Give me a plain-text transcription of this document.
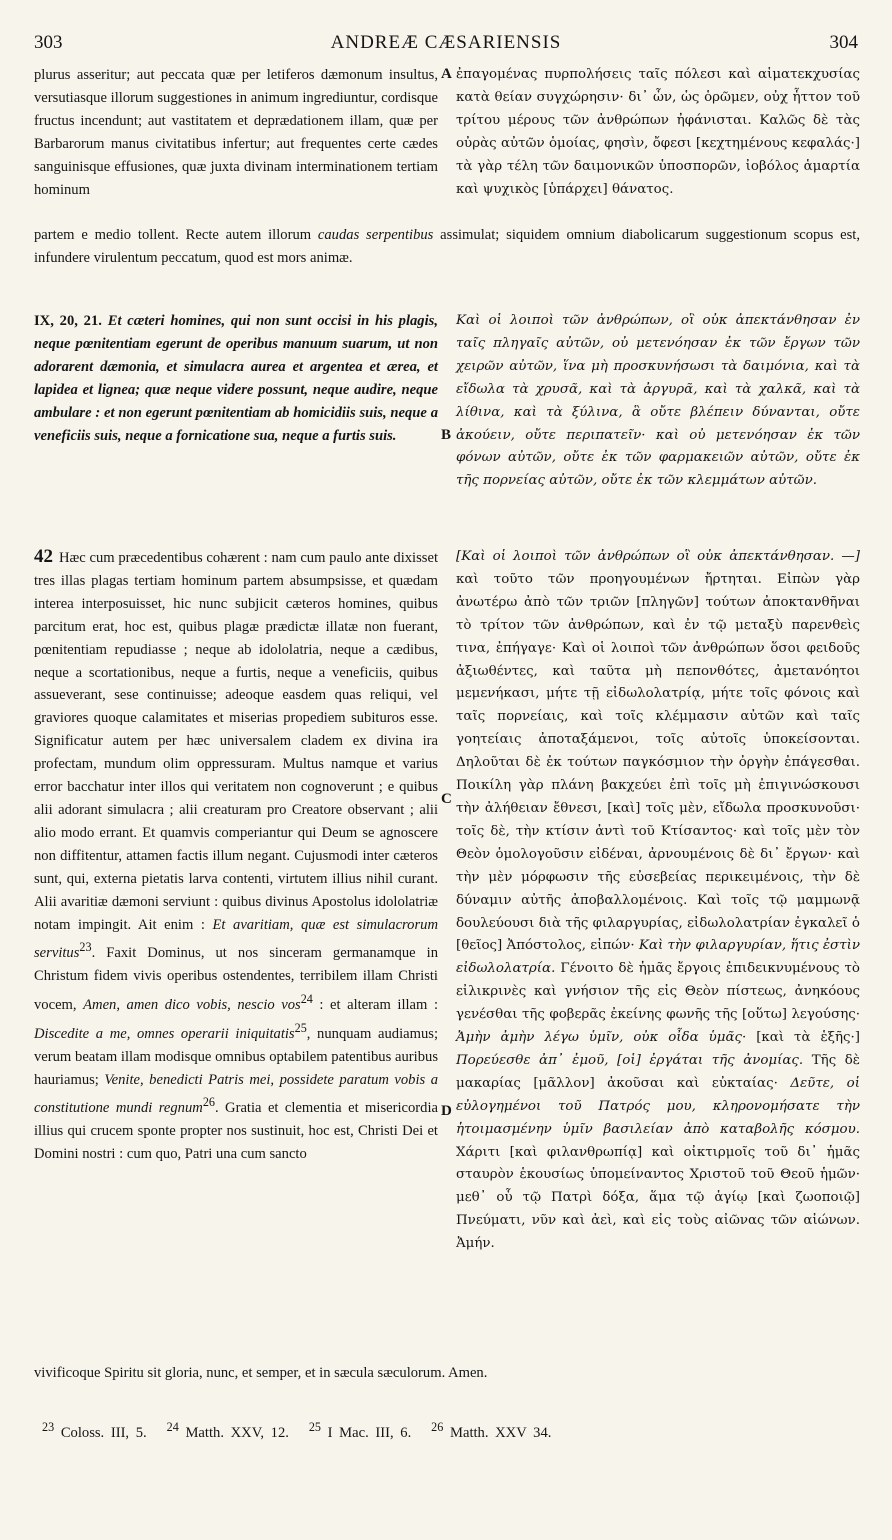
303	ANDREÆ CÆSARIENSIS	304
A
B
C
D

plurus asseritur; aut peccata quæ per letiferos dæmonum insultus, versutiasque illorum suggestiones in animum ingrediuntur, cordisque fructus incendunt; aut vastitatem et deprædationem illam, quæ per Barbarorum manus civitatibus infertur; aut frequentes certe cædes sanguinisque effusiones, quæ juxta divinam interminationem tertiam hominum

ἐπαγομένας πυρπολήσεις ταῖς πόλεσι καὶ αἱματεκχυσίας κατὰ θείαν συγχώρησιν· δι᾽ ὧν, ὡς ὁρῶμεν, οὐχ ἧττον τοῦ τρίτου μέρους τῶν ἀνθρώπων ἠφάνισται. Καλῶς δὲ τὰς οὐρὰς αὐτῶν ὁμοίας, φησὶν, ὄφεσι [κεχτημένους κεφαλάς·] τὰ γὰρ τέλη τῶν δαιμονικῶν ὑποσπορῶν, ἰοβόλος ἁμαρτία καὶ ψυχικὸς [ὑπάρχει] θάνατος.

partem e medio tollent. Recte autem illorum caudas serpentibus assimulat; siquidem omnium diabolicarum suggestionum scopus est, infundere virulentum peccatum, quod est mors animæ.

IX, 20, 21. Et cæteri homines, qui non sunt occisi in his plagis, neque pœnitentiam egerunt de operibus manuum suarum, ut non adorarent dæmonia, et simulacra aurea et argentea et ærea, et lapidea et lignea; quæ neque videre possunt, neque audire, neque ambulare : et non egerunt pœnitentiam ab homicidiis suis, neque a veneficiis suis, neque a fornicatione sua, neque a furtis suis.

Καὶ οἱ λοιποὶ τῶν ἀνθρώπων, οἳ οὐκ ἀπεκτάνθησαν ἐν ταῖς πληγαῖς αὐτῶν, οὐ μετενόησαν ἐκ τῶν ἔργων τῶν χειρῶν αὐτῶν, ἵνα μὴ προσκυνήσωσι τὰ δαιμόνια, καὶ τὰ εἴδωλα τὰ χρυσᾶ, καὶ τὰ ἀργυρᾶ, καὶ τὰ χαλκᾶ, καὶ τὰ λίθινα, καὶ τὰ ξύλινα, ἃ οὔτε βλέπειν δύνανται, οὔτε ἀκούειν, οὔτε περιπατεῖν· καὶ οὐ μετενόησαν ἐκ τῶν φόνων αὐτῶν, οὔτε ἐκ τῶν φαρμακειῶν αὐτῶν, οὔτε ἐκ τῆς πορνείας αὐτῶν, οὔτε ἐκ τῶν κλεμμάτων αὐτῶν.

42 Hæc cum præcedentibus cohærent : nam cum paulo ante dixisset tres illas plagas tertiam hominum partem absumpsisse, et quædam interea interposuisset, hic nunc subjicit cæteros homines, quibus parcitum erat, hoc est, quibus plagæ prædictæ illatæ non fuerant, pœnitentiam repudiasse ; neque ab idololatria, neque a cædibus, neque a scortationibus, neque a furtis, neque a veneficiis, quibus assueverant, sese continuisse; adeoque easdem quas reliqui, vel graviores quoque calamitates et miserias propediem subituros esse. Significatur autem per hæc universalem cladem ex divina ira profectam, mundum olim oppressuram. Multus namque et varius error bacchatur inter illos qui veritatem non cognoverunt ; e quibus alii adorant simulacra ; alii creaturam pro Creatore observant ; alii alio modo errant. Et quamvis comperiantur qui Deum se agnoscere non diffitentur, attamen factis illum negant. Cujusmodi inter cæteros sunt, qui, externa pietatis larva contenti, virtutem illius nihil curant. Alii avaritiæ dæmoni serviunt : quibus divinus Apostolus idololatriæ notam impingit. Ait enim : Et avaritiam, quæ est simulacrorum servitus$^{23}$. Faxit Dominus, ut nos sinceram germanamque in Christum fidem vivis operibus ostendentes, terribilem illam Christi vocem, Amen, amen dico vobis, nescio vos$^{24}$ : et alteram illam : Discedite a me, omnes operarii iniquitatis$^{25}$, nunquam audiamus; verum beatam illam modisque omnibus optabilem patentibus auribus hauriamus; Venite, benedicti Patris mei, possidete paratum vobis a constitutione mundi regnum$^{26}$. Gratia et clementia et misericordia illius qui crucem sponte propter nos sustinuit, hoc est, Christi Dei et Domini nostri : cum quo, Patri una cum sancto

[Καὶ οἱ λοιποὶ τῶν ἀνθρώπων οἳ οὐκ ἀπεκτάνθησαν. —] καὶ τοῦτο τῶν προηγουμένων ἤρτηται. Εἰπὼν γὰρ ἀνωτέρω ἀπὸ τῶν τριῶν [πληγῶν] τούτων ἀποκτανθῆναι τὸ τρίτον τῶν ἀνθρώπων, καὶ ἐν τῷ μεταξὺ παρενθεὶς τινα, ἐπήγαγε· Καὶ οἱ λοιποὶ τῶν ἀνθρώπων ὅσοι φειδοῦς ἀξιωθέντες, καὶ ταῦτα μὴ πεπονθότες, ἀμετανόητοι μεμενήκασι, μήτε τῇ εἰδωλολατρίᾳ, μήτε τοῖς φόνοις καὶ ταῖς πορνείαις, καὶ τοῖς κλέμμασιν αὐτῶν καὶ ταῖς γοητείαις ἀποταξάμενοι, τοῖς αὐτοῖς ὑποκείσονται. Δηλοῦται δὲ ἐκ τούτων παγκόσμιον τὴν ὀργὴν ἐπάγεσθαι. Ποικίλη γὰρ πλάνη βακχεύει ἐπὶ τοῖς μὴ ἐπιγινώσκουσι τὴν ἀλήθειαν ἔθνεσι, [καὶ] τοῖς μὲν, εἴδωλα προσκυνοῦσι· τοῖς δὲ, τὴν κτίσιν ἀντὶ τοῦ Κτίσαντος· καὶ τοῖς μὲν τὸν Θεὸν ὁμολογοῦσιν εἰδέναι, ἀρνουμένοις δὲ δι᾽ ἔργων· καὶ τὴν μὲν μόρφωσιν τῆς εὐσεβείας περικειμένοις, τὴν δὲ δύναμιν αὐτῆς ἀποβαλλομένοις. Καὶ τοῖς τῷ μαμμωνᾷ δουλεύουσι διὰ τῆς φιλαργυρίας, εἰδωλολατρίαν ἐγκαλεῖ ὁ [θεῖος] Ἀπόστολος, εἰπών· Καὶ τὴν φιλαργυρίαν, ἥτις ἐστὶν εἰδωλολατρία. Γένοιτο δὲ ἡμᾶς ἔργοις ἐπιδεικνυμένους τὸ εἰλικρινὲς καὶ γνήσιον τῆς εἰς Θεὸν πίστεως, ἀνηκόους γενέσθαι τῆς φοβερᾶς ἐκείνης φωνῆς τῆς [οὕτω] λεγούσης· Ἀμὴν ἀμὴν λέγω ὑμῖν, οὐκ οἶδα ὑμᾶς· [καὶ τὰ ἑξῆς·] Πορεύεσθε ἀπ᾽ ἐμοῦ, [οἱ] ἐργάται τῆς ἀνομίας. Τῆς δὲ μακαρίας [μᾶλλον] ἀκοῦσαι καὶ εὐκταίας· Δεῦτε, οἱ εὐλογημένοι τοῦ Πατρός μου, κληρονομήσατε τὴν ἡτοιμασμένην ὑμῖν βασιλείαν ἀπὸ καταβολῆς κόσμου. Χάριτι [καὶ φιλανθρωπίᾳ] καὶ οἰκτιρμοῖς τοῦ δι᾽ ἡμᾶς σταυρὸν ἑκουσίως ὑπομείναντος Χριστοῦ τοῦ Θεοῦ ἡμῶν· μεθ᾽ οὗ τῷ Πατρὶ δόξα, ἅμα τῷ ἁγίῳ [καὶ ζωοποιῷ] Πνεύματι, νῦν καὶ ἀεὶ, καὶ εἰς τοὺς αἰῶνας τῶν αἰώνων. Ἀμήν.

vivificoque Spiritu sit gloria, nunc, et semper, et in sæcula sæculorum. Amen.
$^{23}$ Coloss. III, 5. $^{24}$ Matth. XXV, 12. $^{25}$ I Mac. III, 6. $^{26}$ Matth. XXV 34.
